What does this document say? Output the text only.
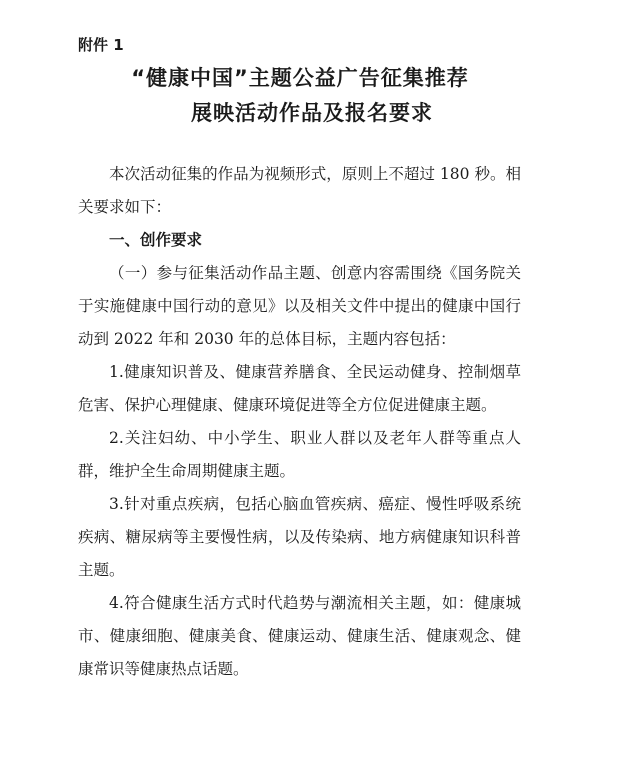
附件 1
“健康中国”主题公益广告征集推荐
展映活动作品及报名要求

本次活动征集的作品为视频形式，原则上不超过 180 秒。相关要求如下：

一、创作要求

（一）参与征集活动作品主题、创意内容需围绕《国务院关于实施健康中国行动的意见》以及相关文件中提出的健康中国行动到 2022 年和 2030 年的总体目标，主题内容包括：

1.健康知识普及、健康营养膳食、全民运动健身、控制烟草危害、保护心理健康、健康环境促进等全方位促进健康主题。

2.关注妇幼、中小学生、职业人群以及老年人群等重点人群，维护全生命周期健康主题。

3.针对重点疾病，包括心脑血管疾病、癌症、慢性呼吸系统疾病、糖尿病等主要慢性病，以及传染病、地方病健康知识科普主题。

4.符合健康生活方式时代趋势与潮流相关主题，如：健康城市、健康细胞、健康美食、健康运动、健康生活、健康观念、健康常识等健康热点话题。
